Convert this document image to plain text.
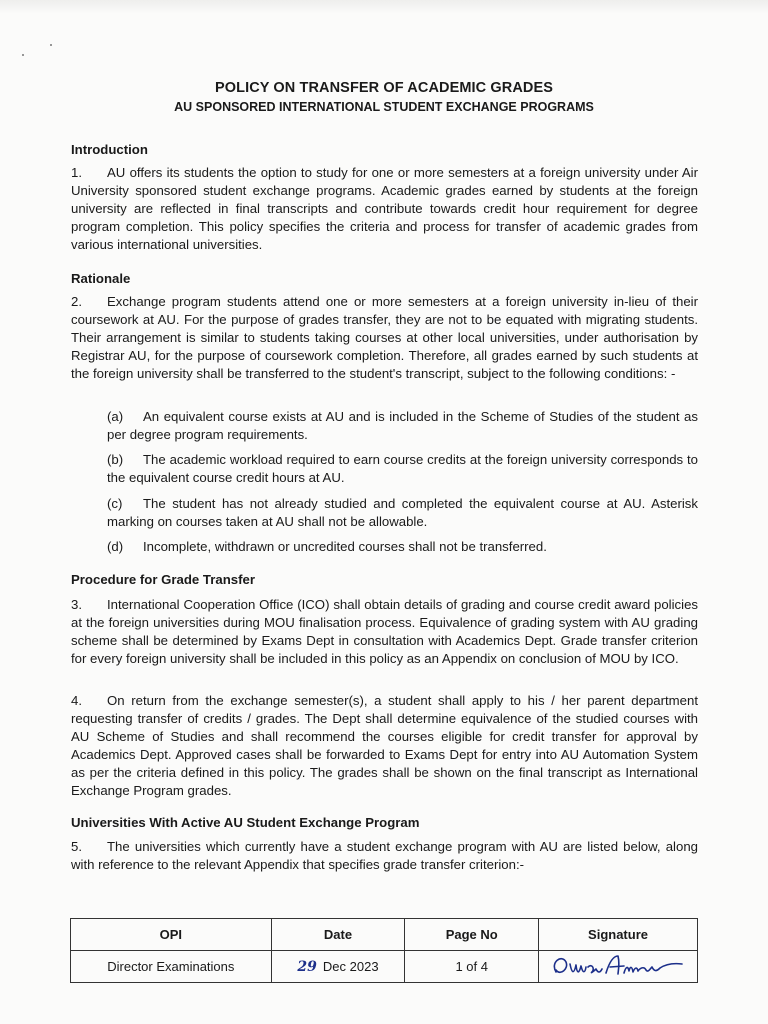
POLICY ON TRANSFER OF ACADEMIC GRADES
AU SPONSORED INTERNATIONAL STUDENT EXCHANGE PROGRAMS
Introduction
1. AU offers its students the option to study for one or more semesters at a foreign university under Air University sponsored student exchange programs. Academic grades earned by students at the foreign university are reflected in final transcripts and contribute towards credit hour requirement for degree program completion. This policy specifies the criteria and process for transfer of academic grades from various international universities.
Rationale
2. Exchange program students attend one or more semesters at a foreign university in-lieu of their coursework at AU. For the purpose of grades transfer, they are not to be equated with migrating students. Their arrangement is similar to students taking courses at other local universities, under authorisation by Registrar AU, for the purpose of coursework completion. Therefore, all grades earned by such students at the foreign university shall be transferred to the student's transcript, subject to the following conditions: -
(a) An equivalent course exists at AU and is included in the Scheme of Studies of the student as per degree program requirements.
(b) The academic workload required to earn course credits at the foreign university corresponds to the equivalent course credit hours at AU.
(c) The student has not already studied and completed the equivalent course at AU. Asterisk marking on courses taken at AU shall not be allowable.
(d) Incomplete, withdrawn or uncredited courses shall not be transferred.
Procedure for Grade Transfer
3. International Cooperation Office (ICO) shall obtain details of grading and course credit award policies at the foreign universities during MOU finalisation process. Equivalence of grading system with AU grading scheme shall be determined by Exams Dept in consultation with Academics Dept. Grade transfer criterion for every foreign university shall be included in this policy as an Appendix on conclusion of MOU by ICO.
4. On return from the exchange semester(s), a student shall apply to his / her parent department requesting transfer of credits / grades. The Dept shall determine equivalence of the studied courses with AU Scheme of Studies and shall recommend the courses eligible for credit transfer for approval by Academics Dept. Approved cases shall be forwarded to Exams Dept for entry into AU Automation System as per the criteria defined in this policy. The grades shall be shown on the final transcript as International Exchange Program grades.
Universities With Active AU Student Exchange Program
5. The universities which currently have a student exchange program with AU are listed below, along with reference to the relevant Appendix that specifies grade transfer criterion:-
OPI	Date	Page No	Signature
Director Examinations	29 Dec 2023	1 of 4	
